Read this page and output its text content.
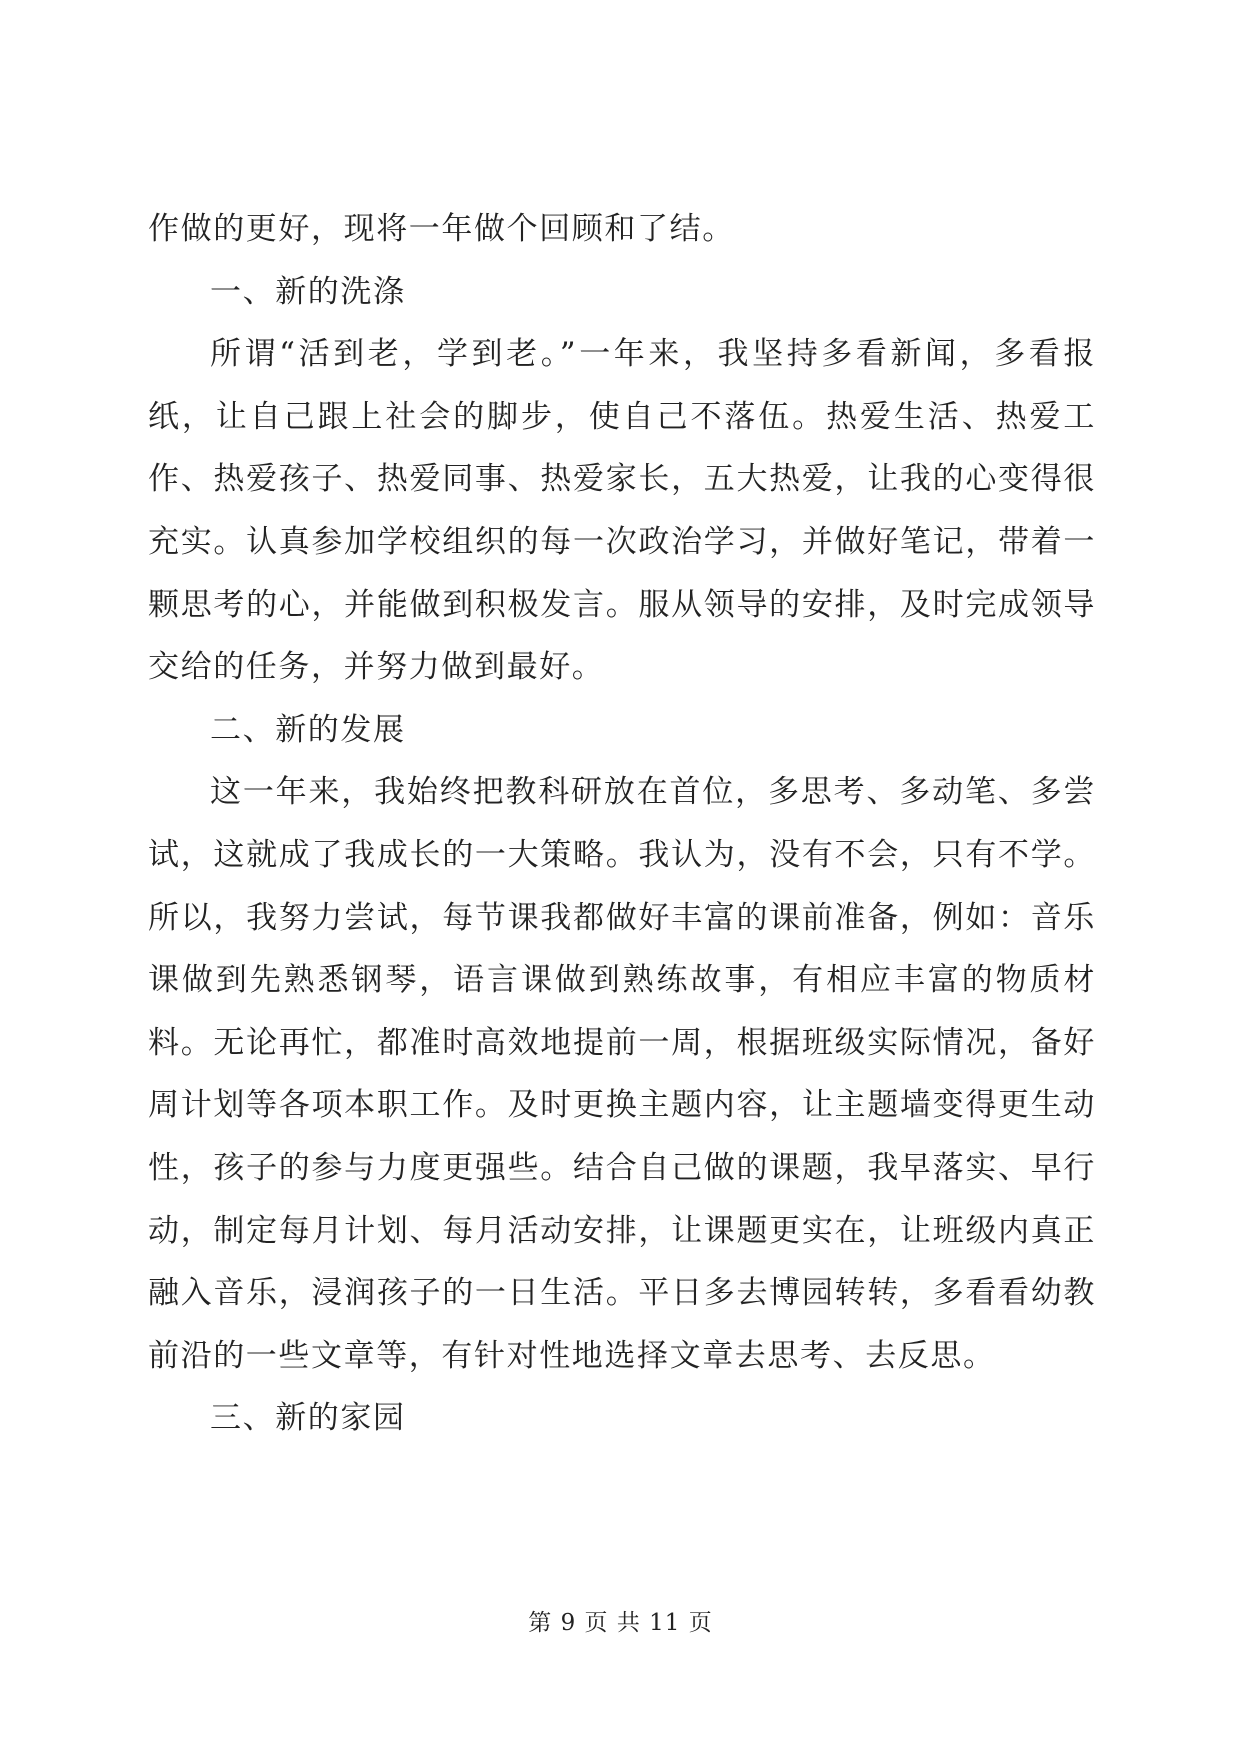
作做的更好，现将一年做个回顾和了结。

一、新的洗涤

所谓“活到老，学到老。”一年来，我坚持多看新闻，多看报纸，让自己跟上社会的脚步，使自己不落伍。热爱生活、热爱工作、热爱孩子、热爱同事、热爱家长，五大热爱，让我的心变得很充实。认真参加学校组织的每一次政治学习，并做好笔记，带着一颗思考的心，并能做到积极发言。服从领导的安排，及时完成领导交给的任务，并努力做到最好。

二、新的发展

这一年来，我始终把教科研放在首位，多思考、多动笔、多尝试，这就成了我成长的一大策略。我认为，没有不会，只有不学。所以，我努力尝试，每节课我都做好丰富的课前准备，例如：音乐课做到先熟悉钢琴，语言课做到熟练故事，有相应丰富的物质材料。无论再忙，都准时高效地提前一周，根据班级实际情况，备好周计划等各项本职工作。及时更换主题内容，让主题墙变得更生动性，孩子的参与力度更强些。结合自己做的课题，我早落实、早行动，制定每月计划、每月活动安排，让课题更实在，让班级内真正融入音乐，浸润孩子的一日生活。平日多去博园转转，多看看幼教前沿的一些文章等，有针对性地选择文章去思考、去反思。

三、新的家园

第 9 页 共 11 页
